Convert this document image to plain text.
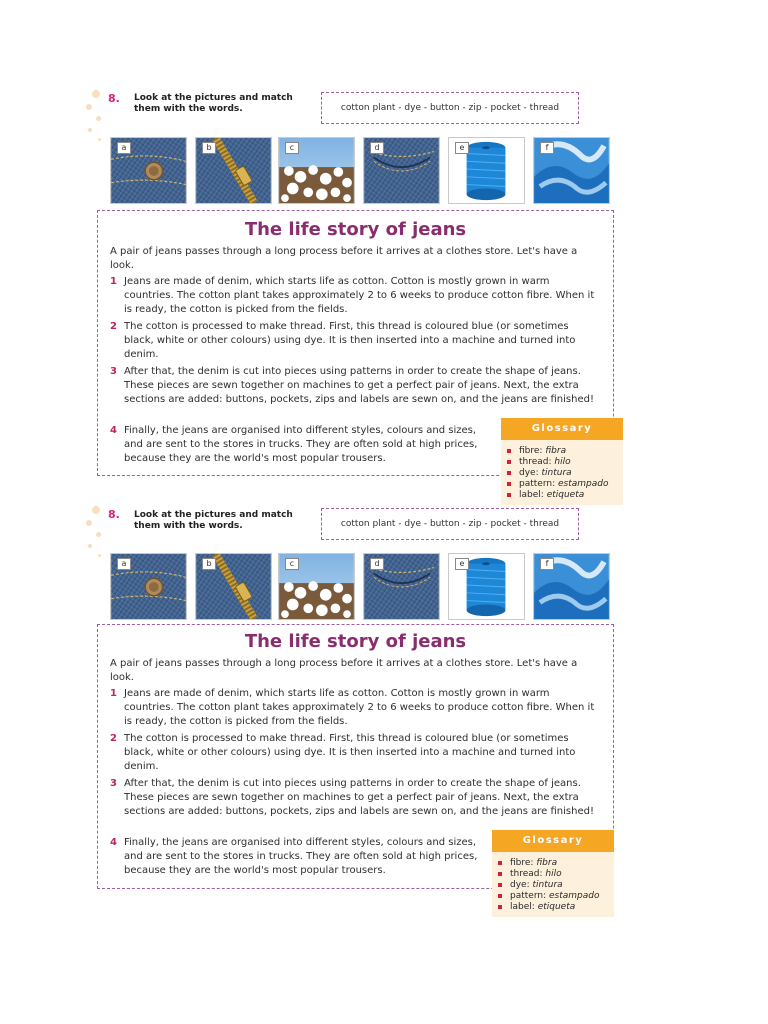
8. Look at the pictures and match them with the words.	cotton plant - dye - button - zip - pocket - thread
a	b	c	d	e	f
The life story of jeans
A pair of jeans passes through a long process before it arrives at a clothes store. Let's have a look.
1 Jeans are made of denim, which starts life as cotton. Cotton is mostly grown in warm countries. The cotton plant takes approximately 2 to 6 weeks to produce cotton fibre. When it is ready, the cotton is picked from the fields.
2 The cotton is processed to make thread. First, this thread is coloured blue (or sometimes black, white or other colours) using dye. It is then inserted into a machine and turned into denim.
3 After that, the denim is cut into pieces using patterns in order to create the shape of jeans. These pieces are sewn together on machines to get a perfect pair of jeans. Next, the extra sections are added: buttons, pockets, zips and labels are sewn on, and the jeans are finished!
4 Finally, the jeans are organised into different styles, colours and sizes, and are sent to the stores in trucks. They are often sold at high prices, because they are the world's most popular trousers.
Glossary
fibre: fibra
thread: hilo
dye: tintura
pattern: estampado
label: etiqueta
8. Look at the pictures and match them with the words.	cotton plant - dye - button - zip - pocket - thread
a	b	c	d	e	f
The life story of jeans
A pair of jeans passes through a long process before it arrives at a clothes store. Let's have a look.
1 Jeans are made of denim, which starts life as cotton. Cotton is mostly grown in warm countries. The cotton plant takes approximately 2 to 6 weeks to produce cotton fibre. When it is ready, the cotton is picked from the fields.
2 The cotton is processed to make thread. First, this thread is coloured blue (or sometimes black, white or other colours) using dye. It is then inserted into a machine and turned into denim.
3 After that, the denim is cut into pieces using patterns in order to create the shape of jeans. These pieces are sewn together on machines to get a perfect pair of jeans. Next, the extra sections are added: buttons, pockets, zips and labels are sewn on, and the jeans are finished!
4 Finally, the jeans are organised into different styles, colours and sizes, and are sent to the stores in trucks. They are often sold at high prices, because they are the world's most popular trousers.
Glossary
fibre: fibra
thread: hilo
dye: tintura
pattern: estampado
label: etiqueta
